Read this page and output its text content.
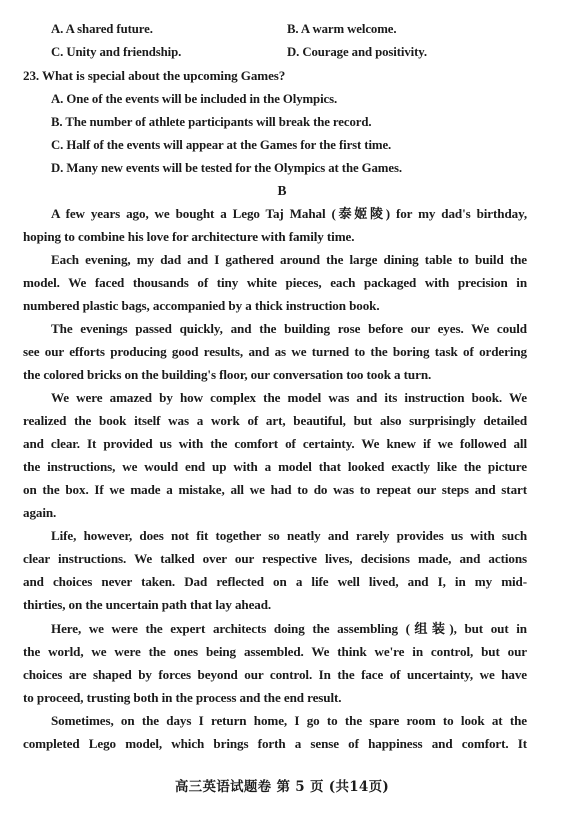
A. A shared future.	B. A warm welcome.
C. Unity and friendship.	D. Courage and positivity.
23. What is special about the upcoming Games?
A. One of the events will be included in the Olympics.
B. The number of athlete participants will break the record.
C. Half of the events will appear at the Games for the first time.
D. Many new events will be tested for the Olympics at the Games.
B
A few years ago, we bought a Lego Taj Mahal (泰姬陵) for my dad's birthday,
hoping to combine his love for architecture with family time.
Each evening, my dad and I gathered around the large dining table to build the
model. We faced thousands of tiny white pieces, each packaged with precision in
numbered plastic bags, accompanied by a thick instruction book.
The evenings passed quickly, and the building rose before our eyes. We could
see our efforts producing good results, and as we turned to the boring task of ordering
the colored bricks on the building's floor, our conversation too took a turn.
We were amazed by how complex the model was and its instruction book. We
realized the book itself was a work of art, beautiful, but also surprisingly detailed
and clear. It provided us with the comfort of certainty. We knew if we followed all
the instructions, we would end up with a model that looked exactly like the picture
on the box. If we made a mistake, all we had to do was to repeat our steps and start
again.
Life, however, does not fit together so neatly and rarely provides us with such
clear instructions. We talked over our respective lives, decisions made, and actions
and choices never taken. Dad reflected on a life well lived, and I, in my mid-
thirties, on the uncertain path that lay ahead.
Here, we were the expert architects doing the assembling (组装), but out in
the world, we were the ones being assembled. We think we're in control, but our
choices are shaped by forces beyond our control. In the face of uncertainty, we have
to proceed, trusting both in the process and the end result.
Sometimes, on the days I return home, I go to the spare room to look at the
completed Lego model, which brings forth a sense of happiness and comfort. It
高三英语试题卷 第 5 页 (共14页)
